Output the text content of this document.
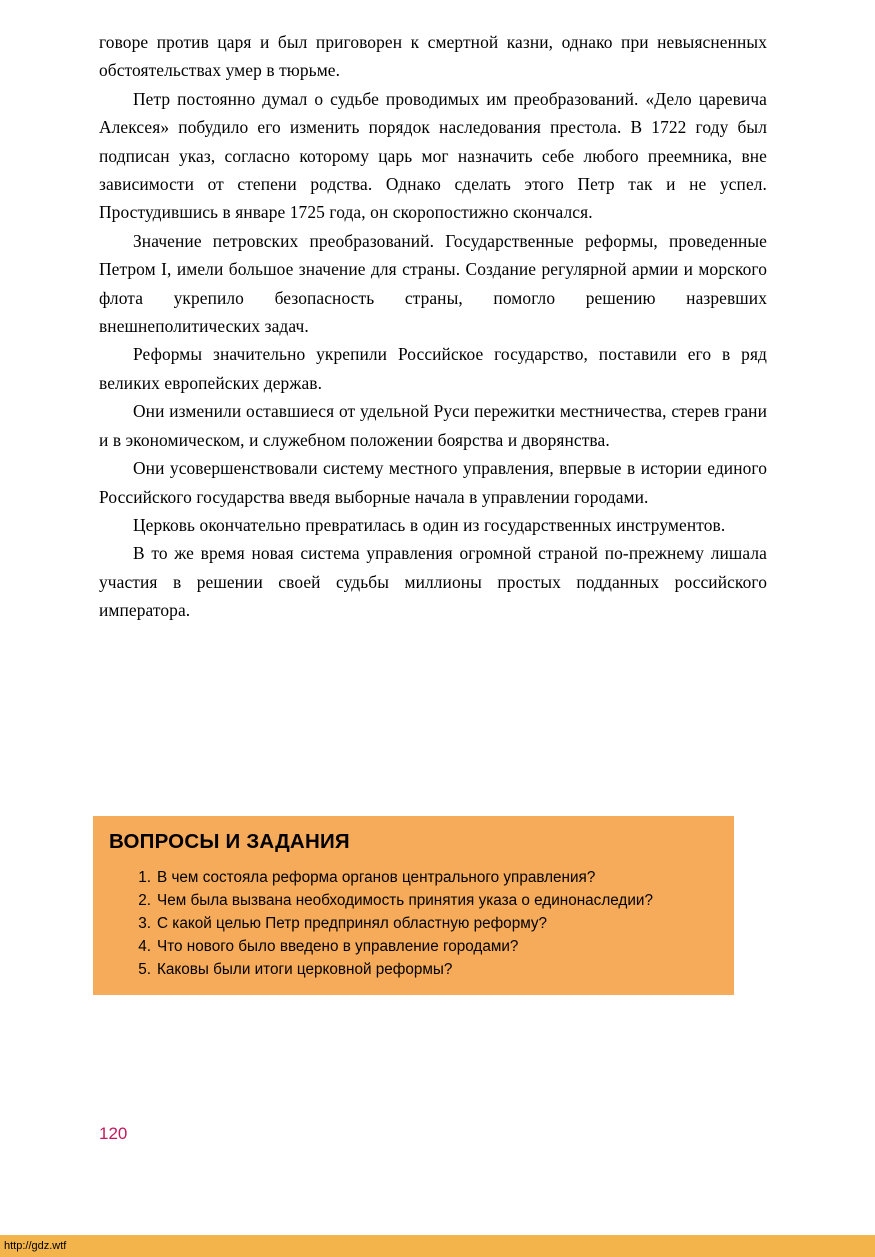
говоре против царя и был приговорен к смертной казни, однако при невыясненных обстоятельствах умер в тюрьме.

Петр постоянно думал о судьбе проводимых им преобразований. «Дело царевича Алексея» побудило его изменить порядок наследования престола. В 1722 году был подписан указ, согласно которому царь мог назначить себе любого преемника, вне зависимости от степени родства. Однако сделать этого Петр так и не успел. Простудившись в январе 1725 года, он скоропостижно скончался.

Значение петровских преобразований. Государственные реформы, проведенные Петром I, имели большое значение для страны. Создание регулярной армии и морского флота укрепило безопасность страны, помогло решению назревших внешнеполитических задач.

Реформы значительно укрепили Российское государство, поставили его в ряд великих европейских держав.

Они изменили оставшиеся от удельной Руси пережитки местничества, стерев грани и в экономическом, и служебном положении боярства и дворянства.

Они усовершенствовали систему местного управления, впервые в истории единого Российского государства введя выборные начала в управлении городами.

Церковь окончательно превратилась в один из государственных инструментов.

В то же время новая система управления огромной страной по-прежнему лишала участия в решении своей судьбы миллионы простых подданных российского императора.

ВОПРОСЫ И ЗАДАНИЯ
1. В чем состояла реформа органов центрального управления?
2. Чем была вызвана необходимость принятия указа о единонаследии?
3. С какой целью Петр предпринял областную реформу?
4. Что нового было введено в управление городами?
5. Каковы были итоги церковной реформы?
120
http://gdz.wtf
